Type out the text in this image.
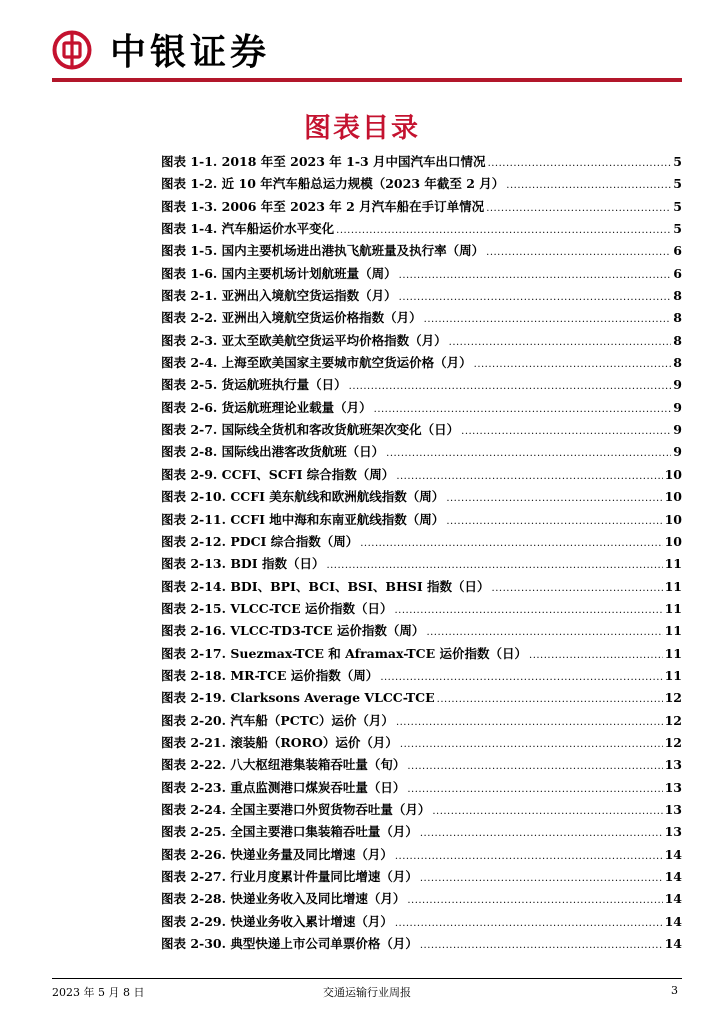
中银证券
图表目录
图表 1-1. 2018 年至 2023 年 1-3 月中国汽车出口情况 .....	5
图表 1-2. 近 10 年汽车船总运力规模（2023 年截至 2 月） .....	5
图表 1-3. 2006 年至 2023 年 2 月汽车船在手订单情况 .....	5
图表 1-4. 汽车船运价水平变化 .....	5
图表 1-5. 国内主要机场进出港执飞航班量及执行率（周） .....	6
图表 1-6. 国内主要机场计划航班量（周） .....	6
图表 2-1. 亚洲出入境航空货运指数（月） .....	8
图表 2-2. 亚洲出入境航空货运价格指数（月） .....	8
图表 2-3. 亚太至欧美航空货运平均价格指数（月） .....	8
图表 2-4. 上海至欧美国家主要城市航空货运价格（月） .....	8
图表 2-5. 货运航班执行量（日） .....	9
图表 2-6. 货运航班理论业载量（月） .....	9
图表 2-7. 国际线全货机和客改货航班架次变化（日） .....	9
图表 2-8. 国际线出港客改货航班（日） .....	9
图表 2-9. CCFI、SCFI 综合指数（周） .....	10
图表 2-10. CCFI 美东航线和欧洲航线指数（周） .....	10
图表 2-11. CCFI 地中海和东南亚航线指数（周） .....	10
图表 2-12. PDCI 综合指数（周） .....	10
图表 2-13. BDI 指数（日） .....	11
图表 2-14. BDI、BPI、BCI、BSI、BHSI 指数（日） .....	11
图表 2-15. VLCC-TCE 运价指数（日） .....	11
图表 2-16. VLCC-TD3-TCE 运价指数（周） .....	11
图表 2-17. Suezmax-TCE 和 Aframax-TCE 运价指数（日） .....	11
图表 2-18. MR-TCE 运价指数（周） .....	11
图表 2-19. Clarksons Average VLCC-TCE .....	12
图表 2-20. 汽车船（PCTC）运价（月） .....	12
图表 2-21. 滚装船（RORO）运价（月） .....	12
图表 2-22. 八大枢纽港集装箱吞吐量（旬） .....	13
图表 2-23. 重点监测港口煤炭吞吐量（日） .....	13
图表 2-24. 全国主要港口外贸货物吞吐量（月） .....	13
图表 2-25. 全国主要港口集装箱吞吐量（月） .....	13
图表 2-26. 快递业务量及同比增速（月） .....	14
图表 2-27. 行业月度累计件量同比增速（月） .....	14
图表 2-28. 快递业务收入及同比增速（月） .....	14
图表 2-29. 快递业务收入累计增速（月） .....	14
图表 2-30. 典型快递上市公司单票价格（月） .....	14
2023 年 5 月 8 日	交通运输行业周报	3
